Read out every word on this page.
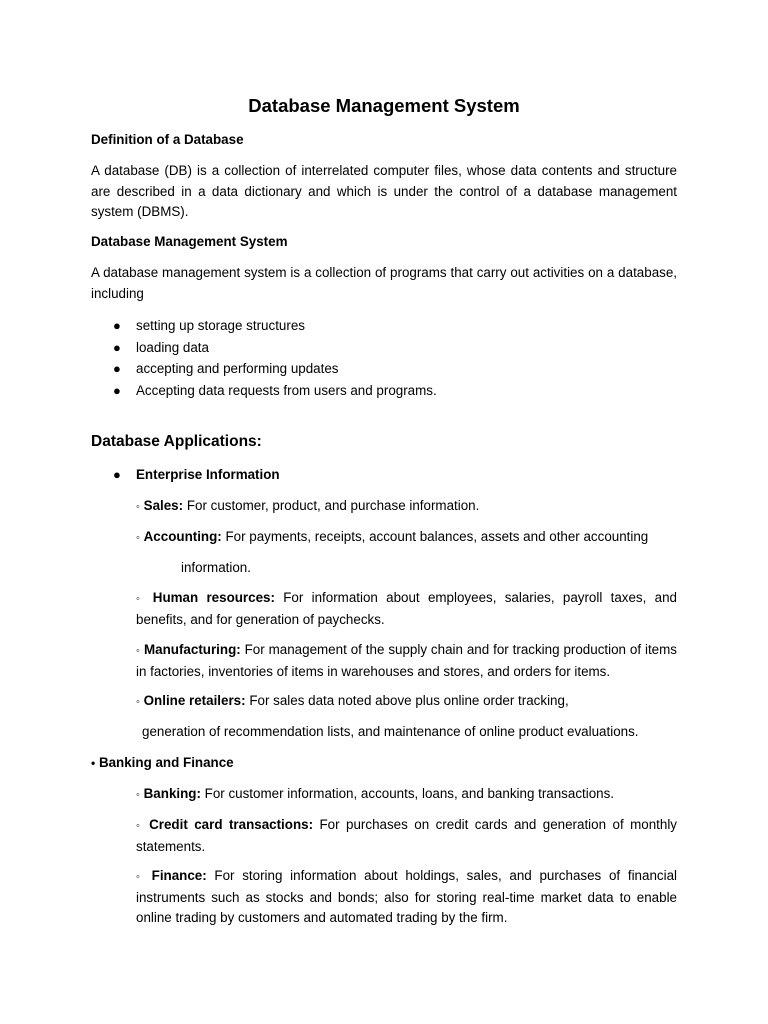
Database Management System
Definition of a Database

A database (DB) is a collection of interrelated computer files, whose data contents and structure are described in a data dictionary and which is under the control of a database management system (DBMS).

Database Management System

A database management system is a collection of programs that carry out activities on a database, including

● setting up storage structures
● loading data
● accepting and performing updates
● Accepting data requests from users and programs.
Database Applications:
● Enterprise Information

◦ Sales: For customer, product, and purchase information.

◦ Accounting: For payments, receipts, account balances, assets and other accounting

information.

◦ Human resources: For information about employees, salaries, payroll taxes, and benefits, and for generation of paychecks.

◦ Manufacturing: For management of the supply chain and for tracking production of items in factories, inventories of items in warehouses and stores, and orders for items.

◦ Online retailers: For sales data noted above plus online order tracking,

generation of recommendation lists, and maintenance of online product evaluations.

• Banking and Finance

◦ Banking: For customer information, accounts, loans, and banking transactions.

◦ Credit card transactions: For purchases on credit cards and generation of monthly statements.

◦ Finance: For storing information about holdings, sales, and purchases of financial instruments such as stocks and bonds; also for storing real-time market data to enable online trading by customers and automated trading by the firm.
